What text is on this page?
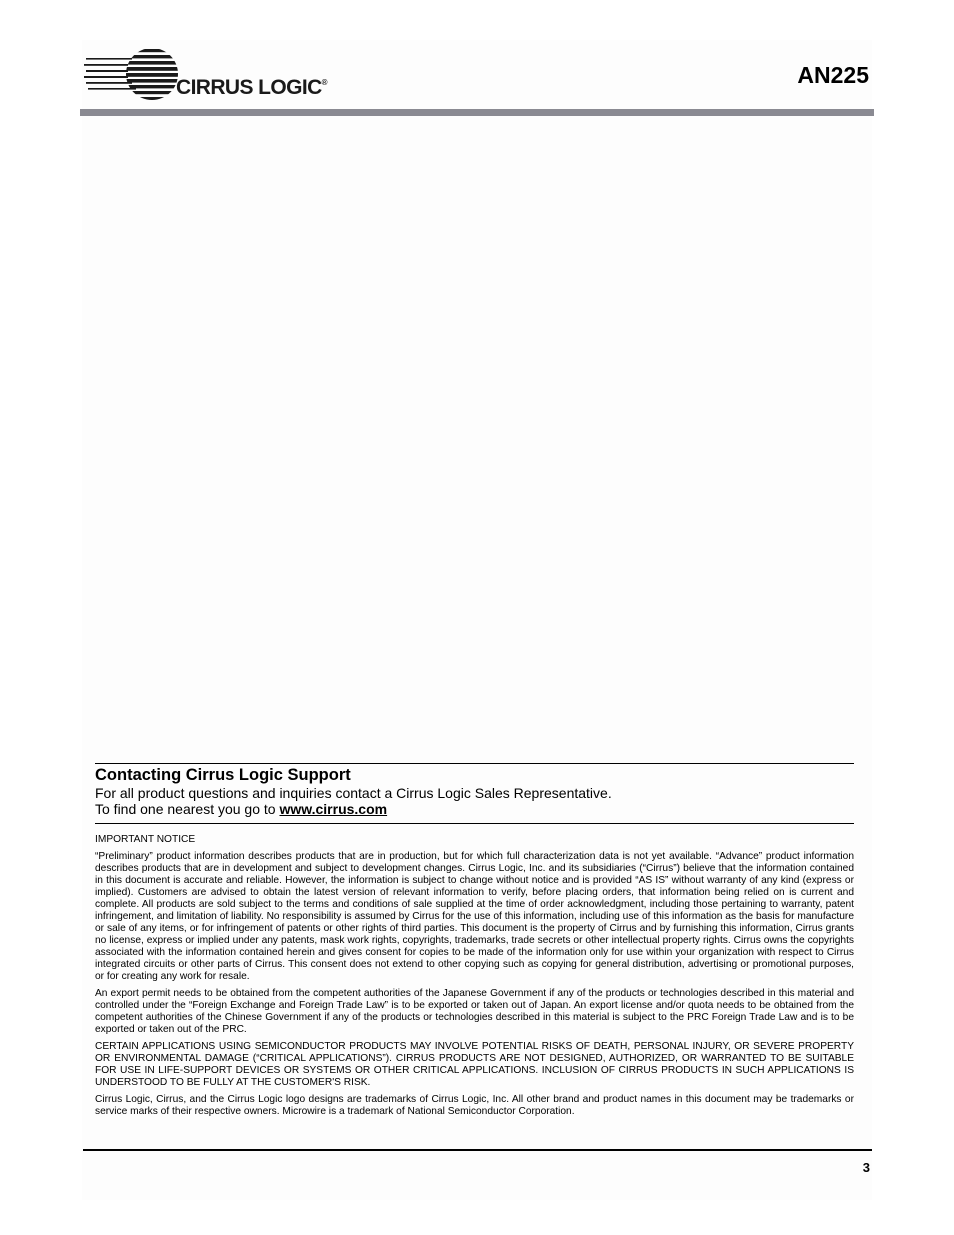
CIRRUS LOGIC®	AN225
Contacting Cirrus Logic Support
For all product questions and inquiries contact a Cirrus Logic Sales Representative.
To find one nearest you go to www.cirrus.com
IMPORTANT NOTICE

“Preliminary” product information describes products that are in production, but for which full characterization data is not yet available. “Advance” product information describes products that are in development and subject to development changes. Cirrus Logic, Inc. and its subsidiaries (“Cirrus”) believe that the information contained in this document is accurate and reliable. However, the information is subject to change without notice and is provided “AS IS” without warranty of any kind (express or implied). Customers are advised to obtain the latest version of relevant information to verify, before placing orders, that information being relied on is current and complete. All products are sold subject to the terms and conditions of sale supplied at the time of order acknowledgment, including those pertaining to warranty, patent infringement, and limitation of liability. No responsibility is assumed by Cirrus for the use of this information, including use of this information as the basis for manufacture or sale of any items, or for infringement of patents or other rights of third parties. This document is the property of Cirrus and by furnishing this information, Cirrus grants no license, express or implied under any patents, mask work rights, copyrights, trademarks, trade secrets or other intellectual property rights. Cirrus owns the copyrights associated with the information contained herein and gives consent for copies to be made of the information only for use within your organization with respect to Cirrus integrated circuits or other parts of Cirrus. This consent does not extend to other copying such as copying for general distribution, advertising or promotional purposes, or for creating any work for resale.

An export permit needs to be obtained from the competent authorities of the Japanese Government if any of the products or technologies described in this material and controlled under the “Foreign Exchange and Foreign Trade Law” is to be exported or taken out of Japan. An export license and/or quota needs to be obtained from the competent authorities of the Chinese Government if any of the products or technologies described in this material is subject to the PRC Foreign Trade Law and is to be exported or taken out of the PRC.

CERTAIN APPLICATIONS USING SEMICONDUCTOR PRODUCTS MAY INVOLVE POTENTIAL RISKS OF DEATH, PERSONAL INJURY, OR SEVERE PROPERTY OR ENVIRONMENTAL DAMAGE (“CRITICAL APPLICATIONS”). CIRRUS PRODUCTS ARE NOT DESIGNED, AUTHORIZED, OR WARRANTED TO BE SUITABLE FOR USE IN LIFE-SUPPORT DEVICES OR SYSTEMS OR OTHER CRITICAL APPLICATIONS. INCLUSION OF CIRRUS PRODUCTS IN SUCH APPLICATIONS IS UNDERSTOOD TO BE FULLY AT THE CUSTOMER'S RISK.

Cirrus Logic, Cirrus, and the Cirrus Logic logo designs are trademarks of Cirrus Logic, Inc. All other brand and product names in this document may be trademarks or service marks of their respective owners. Microwire is a trademark of National Semiconductor Corporation.

3
